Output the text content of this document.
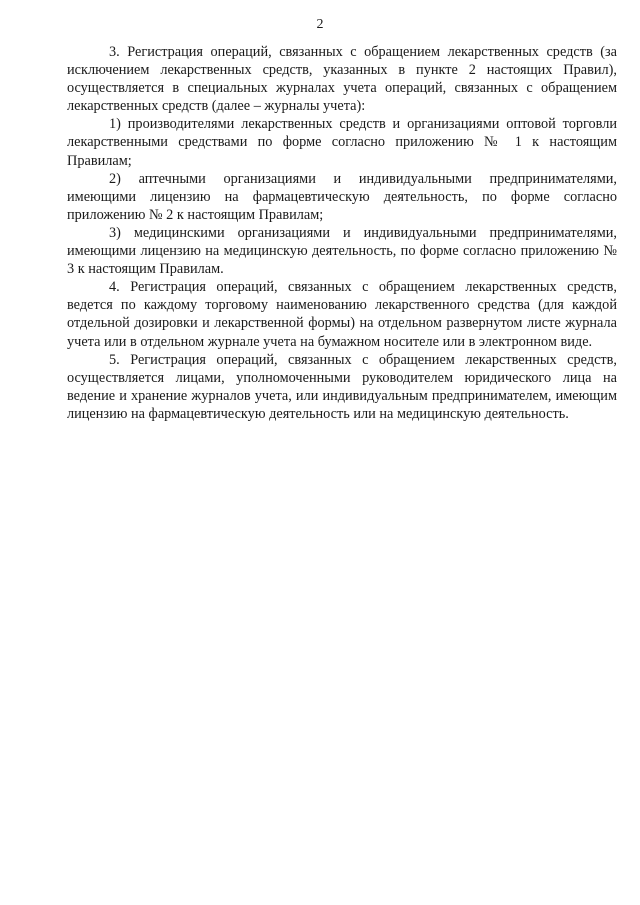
2

3. Регистрация операций, связанных с обращением лекарственных средств (за исключением лекарственных средств, указанных в пункте 2 настоящих Правил), осуществляется в специальных журналах учета операций, связанных с обращением лекарственных средств (далее – журналы учета):

1) производителями лекарственных средств и организациями оптовой торговли лекарственными средствами по форме согласно приложению № 1 к настоящим Правилам;

2) аптечными организациями и индивидуальными предпринимателями, имеющими лицензию на фармацевтическую деятельность, по форме согласно приложению № 2 к настоящим Правилам;

3) медицинскими организациями и индивидуальными предпринимателями, имеющими лицензию на медицинскую деятельность, по форме согласно приложению № 3 к настоящим Правилам.

4. Регистрация операций, связанных с обращением лекарственных средств, ведется по каждому торговому наименованию лекарственного средства (для каждой отдельной дозировки и лекарственной формы) на отдельном развернутом листе журнала учета или в отдельном журнале учета на бумажном носителе или в электронном виде.

5. Регистрация операций, связанных с обращением лекарственных средств, осуществляется лицами, уполномоченными руководителем юридического лица на ведение и хранение журналов учета, или индивидуальным предпринимателем, имеющим лицензию на фармацевтическую деятельность или на медицинскую деятельность.
